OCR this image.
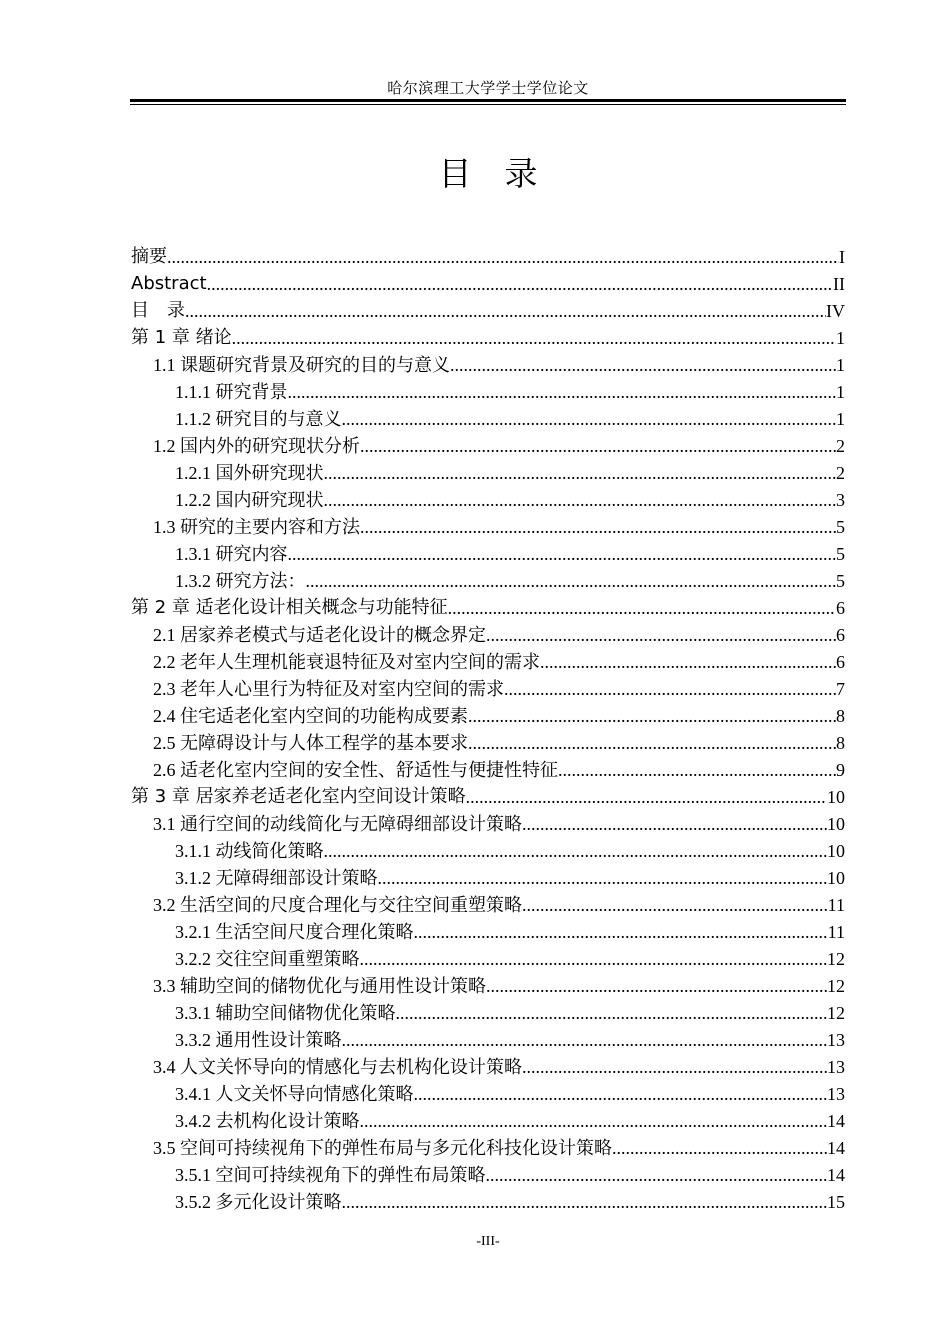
哈尔滨理工大学学士学位论文
目　录
摘要 .....	I
Abstract .....	II
目　录 .....	IV
第 1 章 绪论 .....	1
1.1 课题研究背景及研究的目的与意义 .....	1
1.1.1 研究背景 .....	1
1.1.2 研究目的与意义 .....	1
1.2 国内外的研究现状分析 .....	2
1.2.1 国外研究现状 .....	2
1.2.2 国内研究现状 .....	3
1.3 研究的主要内容和方法 .....	5
1.3.1 研究内容 .....	5
1.3.2 研究方法： .....	5
第 2 章 适老化设计相关概念与功能特征 .....	6
2.1 居家养老模式与适老化设计的概念界定 .....	6
2.2 老年人生理机能衰退特征及对室内空间的需求 .....	6
2.3 老年人心里行为特征及对室内空间的需求 .....	7
2.4 住宅适老化室内空间的功能构成要素 .....	8
2.5 无障碍设计与人体工程学的基本要求 .....	8
2.6 适老化室内空间的安全性、舒适性与便捷性特征 .....	9
第 3 章 居家养老适老化室内空间设计策略 .....	10
3.1 通行空间的动线简化与无障碍细部设计策略 .....	10
3.1.1 动线简化策略 .....	10
3.1.2 无障碍细部设计策略 .....	10
3.2 生活空间的尺度合理化与交往空间重塑策略 .....	11
3.2.1 生活空间尺度合理化策略 .....	11
3.2.2 交往空间重塑策略 .....	12
3.3 辅助空间的储物优化与通用性设计策略 .....	12
3.3.1 辅助空间储物优化策略 .....	12
3.3.2 通用性设计策略 .....	13
3.4 人文关怀导向的情感化与去机构化设计策略 .....	13
3.4.1 人文关怀导向情感化策略 .....	13
3.4.2 去机构化设计策略 .....	14
3.5 空间可持续视角下的弹性布局与多元化科技化设计策略 .....	14
3.5.1 空间可持续视角下的弹性布局策略 .....	14
3.5.2 多元化设计策略 .....	15
-III-
